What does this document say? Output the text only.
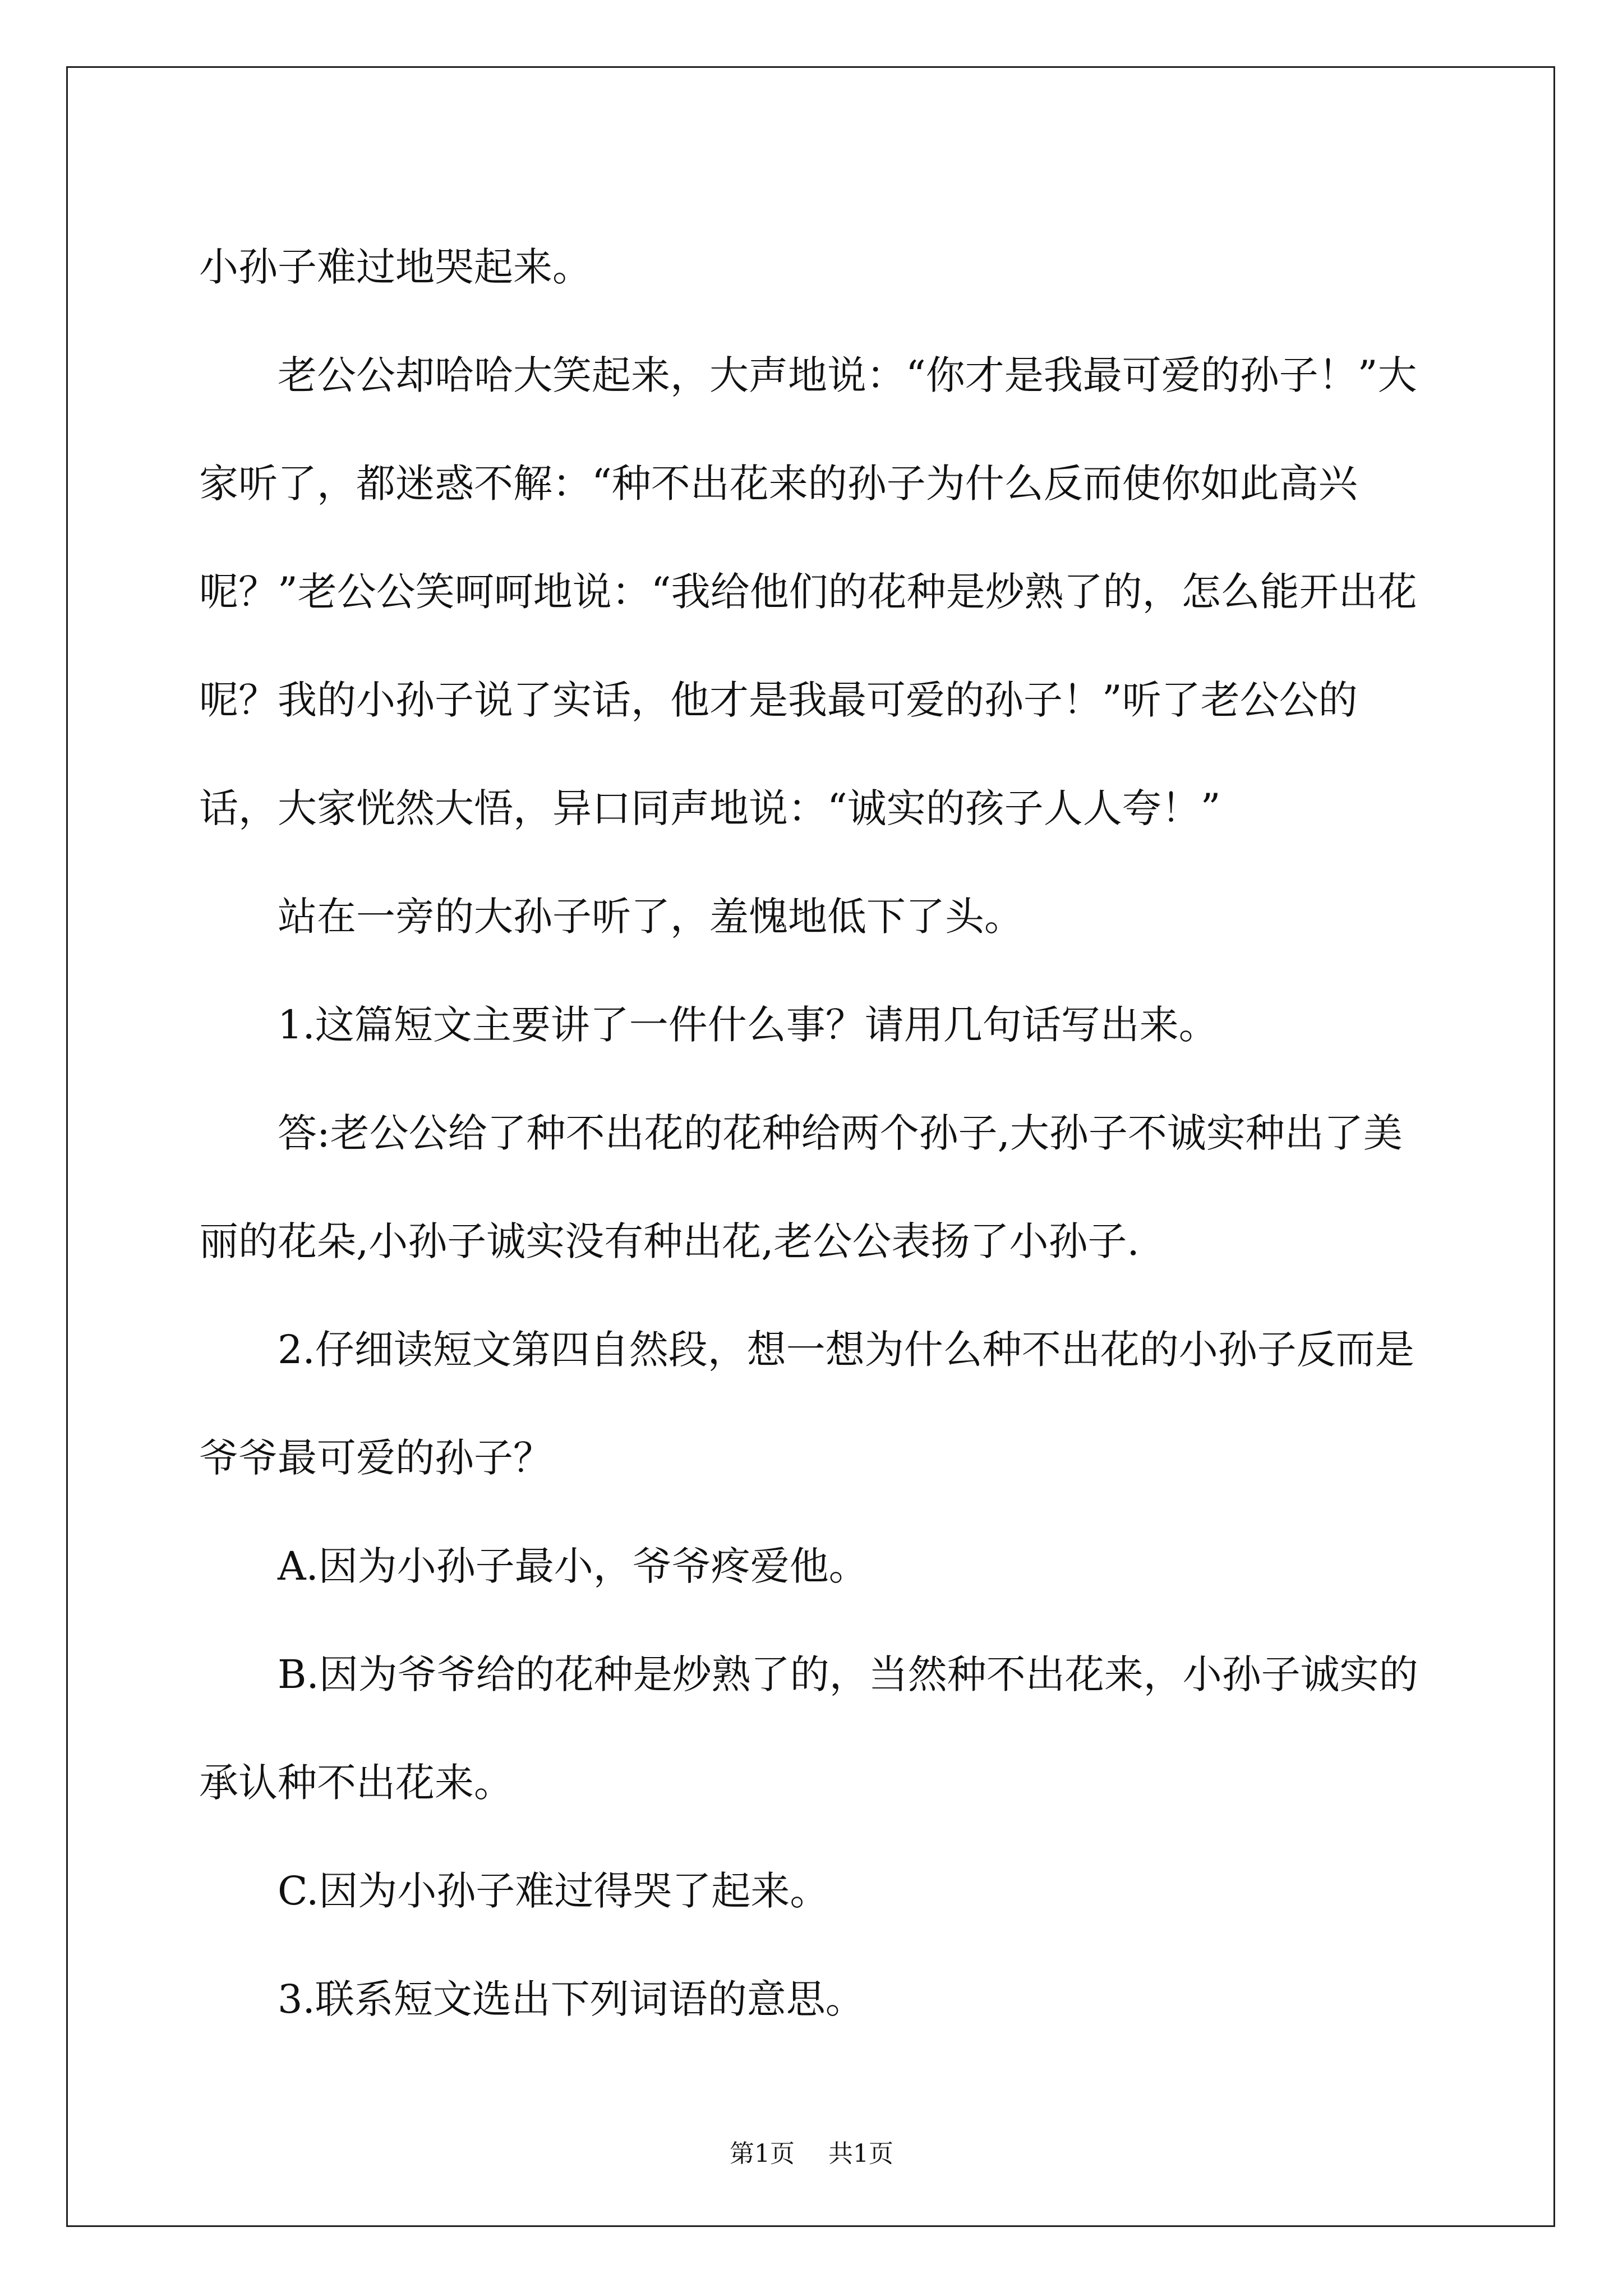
小孙子难过地哭起来。

老公公却哈哈大笑起来，大声地说：“你才是我最可爱的孙子！”大家听了，都迷惑不解：“种不出花来的孙子为什么反而使你如此高兴呢？”老公公笑呵呵地说：“我给他们的花种是炒熟了的，怎么能开出花呢？我的小孙子说了实话，他才是我最可爱的孙子！”听了老公公的话，大家恍然大悟，异口同声地说：“诚实的孩子人人夸！”

站在一旁的大孙子听了，羞愧地低下了头。

1.这篇短文主要讲了一件什么事？请用几句话写出来。

答:老公公给了种不出花的花种给两个孙子,大孙子不诚实种出了美丽的花朵,小孙子诚实没有种出花,老公公表扬了小孙子.

2.仔细读短文第四自然段，想一想为什么种不出花的小孙子反而是爷爷最可爱的孙子？

A.因为小孙子最小，爷爷疼爱他。

B.因为爷爷给的花种是炒熟了的，当然种不出花来，小孙子诚实的承认种不出花来。

C.因为小孙子难过得哭了起来。

3.联系短文选出下列词语的意思。

第1页 共1页
